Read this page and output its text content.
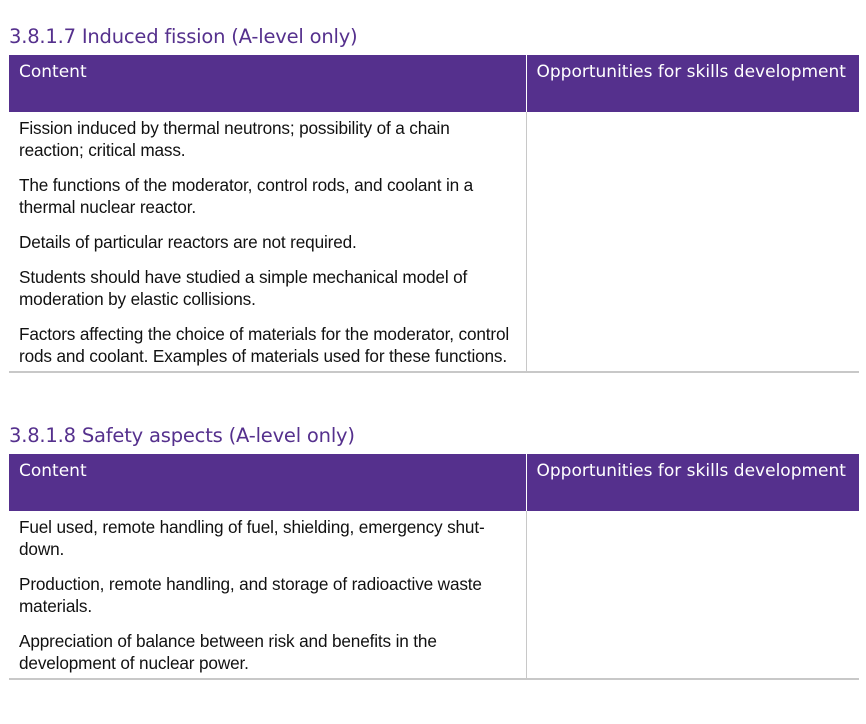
3.8.1.7 Induced fission (A-level only)
Content	Opportunities for skills development

Fission induced by thermal neutrons; possibility of a chain reaction; critical mass.

The functions of the moderator, control rods, and coolant in a thermal nuclear reactor.

Details of particular reactors are not required.

Students should have studied a simple mechanical model of moderation by elastic collisions.

Factors affecting the choice of materials for the moderator, control rods and coolant. Examples of materials used for these functions.	

3.8.1.8 Safety aspects (A-level only)
Content	Opportunities for skills development

Fuel used, remote handling of fuel, shielding, emergency shut-down.

Production, remote handling, and storage of radioactive waste materials.

Appreciation of balance between risk and benefits in the development of nuclear power.	
